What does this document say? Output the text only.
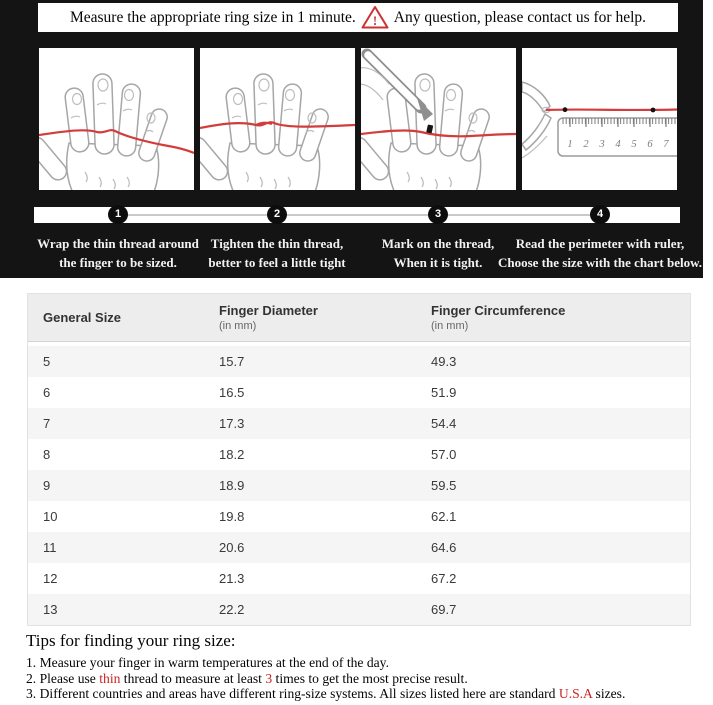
Measure the appropriate ring size in 1 minute. ! Any question, please contact us for help.
1 2 3 4 5 6 7
1	2	3	4
Wrap the thin thread around
the finger to be sized.
Tighten the thin thread,
better to feel a little tight
Mark on the thread,
When it is tight.
Read the perimeter with ruler,
Choose the size with the chart below.
General Size	Finger Diameter
(in mm)
Finger Circumference
(in mm)
5	15.7	49.3
6	16.5	51.9
7	17.3	54.4
8	18.2	57.0
9	18.9	59.5
10	19.8	62.1
11	20.6	64.6
12	21.3	67.2
13	22.2	69.7
Tips for finding your ring size:
1. Measure your finger in warm temperatures at the end of the day.
2. Please use thin thread to measure at least 3 times to get the most precise result.
3. Different countries and areas have different ring-size systems. All sizes listed here are standard U.S.A sizes.
